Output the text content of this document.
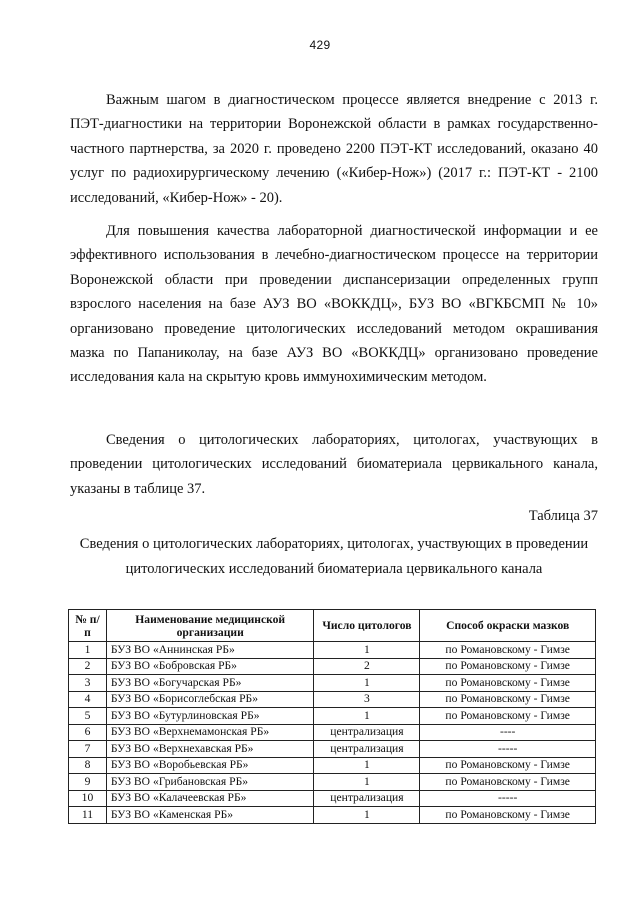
429

Важным шагом в диагностическом процессе является внедрение с 2013 г. ПЭТ-диагностики на территории Воронежской области в рамках государственно-частного партнерства, за 2020 г. проведено 2200 ПЭТ-КТ исследований, оказано 40 услуг по радиохирургическому лечению («Кибер-Нож») (2017 г.: ПЭТ-КТ - 2100 исследований, «Кибер-Нож» - 20).

Для повышения качества лабораторной диагностической информации и ее эффективного использования в лечебно-диагностическом процессе на территории Воронежской области при проведении диспансеризации определенных групп взрослого населения на базе АУЗ ВО «ВОККДЦ», БУЗ ВО «ВГКБСМП № 10» организовано проведение цитологических исследований методом окрашивания мазка по Папаниколау, на базе АУЗ ВО «ВОККДЦ» организовано проведение исследования кала на скрытую кровь иммунохимическим методом.

Сведения о цитологических лабораториях, цитологах, участвующих в проведении цитологических исследований биоматериала цервикального канала, указаны в таблице 37.

Таблица 37

Сведения о цитологических лабораториях, цитологах, участвующих в проведении цитологических исследований биоматериала цервикального канала

№ п/п	Наименование медицинской организации	Число цитологов	Способ окраски мазков
1	БУЗ ВО «Аннинская РБ»	1	по Романовскому - Гимзе
2	БУЗ ВО «Бобровская РБ»	2	по Романовскому - Гимзе
3	БУЗ ВО «Богучарская РБ»	1	по Романовскому - Гимзе
4	БУЗ ВО «Борисоглебская РБ»	3	по Романовскому - Гимзе
5	БУЗ ВО «Бутурлиновская РБ»	1	по Романовскому - Гимзе
6	БУЗ ВО «Верхнемамонская РБ»	централизация	----
7	БУЗ ВО «Верхнехавская РБ»	централизация	-----
8	БУЗ ВО «Воробьевская РБ»	1	по Романовскому - Гимзе
9	БУЗ ВО «Грибановская РБ»	1	по Романовскому - Гимзе
10	БУЗ ВО «Калачеевская РБ»	централизация	-----
11	БУЗ ВО «Каменская РБ»	1	по Романовскому - Гимзе
